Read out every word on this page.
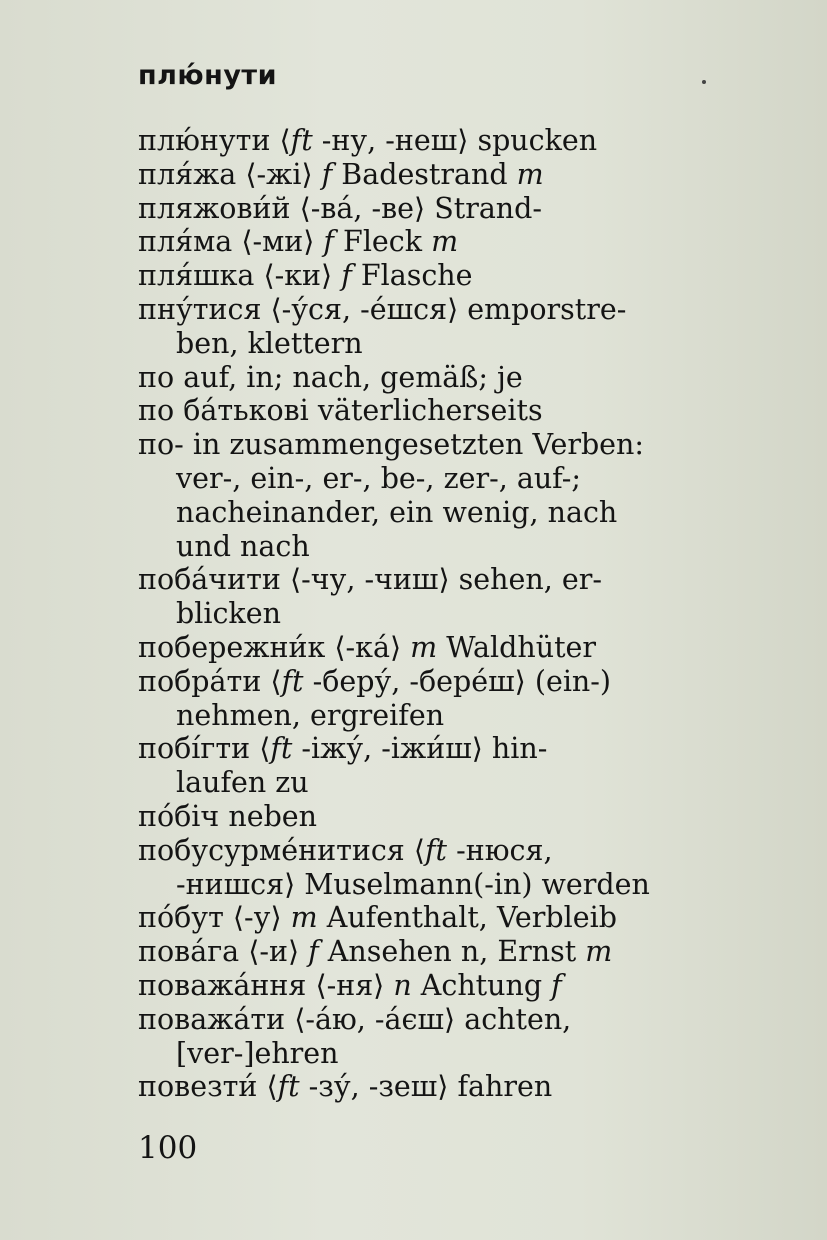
плю́нути
плю́нути ⟨ft -ну, -неш⟩ spucken
пля́жа ⟨-жі⟩ f Badestrand m
пляжови́й ⟨-ва́, -ве⟩ Strand-
пля́ма ⟨-ми⟩ f Fleck m
пля́шка ⟨-ки⟩ f Flasche
пну́тися ⟨-у́ся, -е́шся⟩ emporstre-
ben, klettern
по auf, in; nach, gemäß; je
по ба́тькові väterlicherseits
по- in zusammengesetzten Verben:
ver-, ein-, er-, be-, zer-, auf-;
nacheinander, ein wenig, nach
und nach
поба́чити ⟨-чу, -чиш⟩ sehen, er-
blicken
побережни́к ⟨-ка́⟩ m Waldhüter
побра́ти ⟨ft -беру́, -бере́ш⟩ (ein-)
nehmen, ergreifen
побі́гти ⟨ft -іжу́, -іжи́ш⟩ hin-
laufen zu
по́біч neben
побусурме́нитися ⟨ft -нюся,
-нишся⟩ Muselmann(-in) werden
по́бут ⟨-у⟩ m Aufenthalt, Verbleib
пова́га ⟨-и⟩ f Ansehen n, Ernst m
поважа́ння ⟨-ня⟩ n Achtung f
поважа́ти ⟨-а́ю, -а́єш⟩ achten,
[ver-]ehren
повезти́ ⟨ft -зу́, -зеш⟩ fahren
100
